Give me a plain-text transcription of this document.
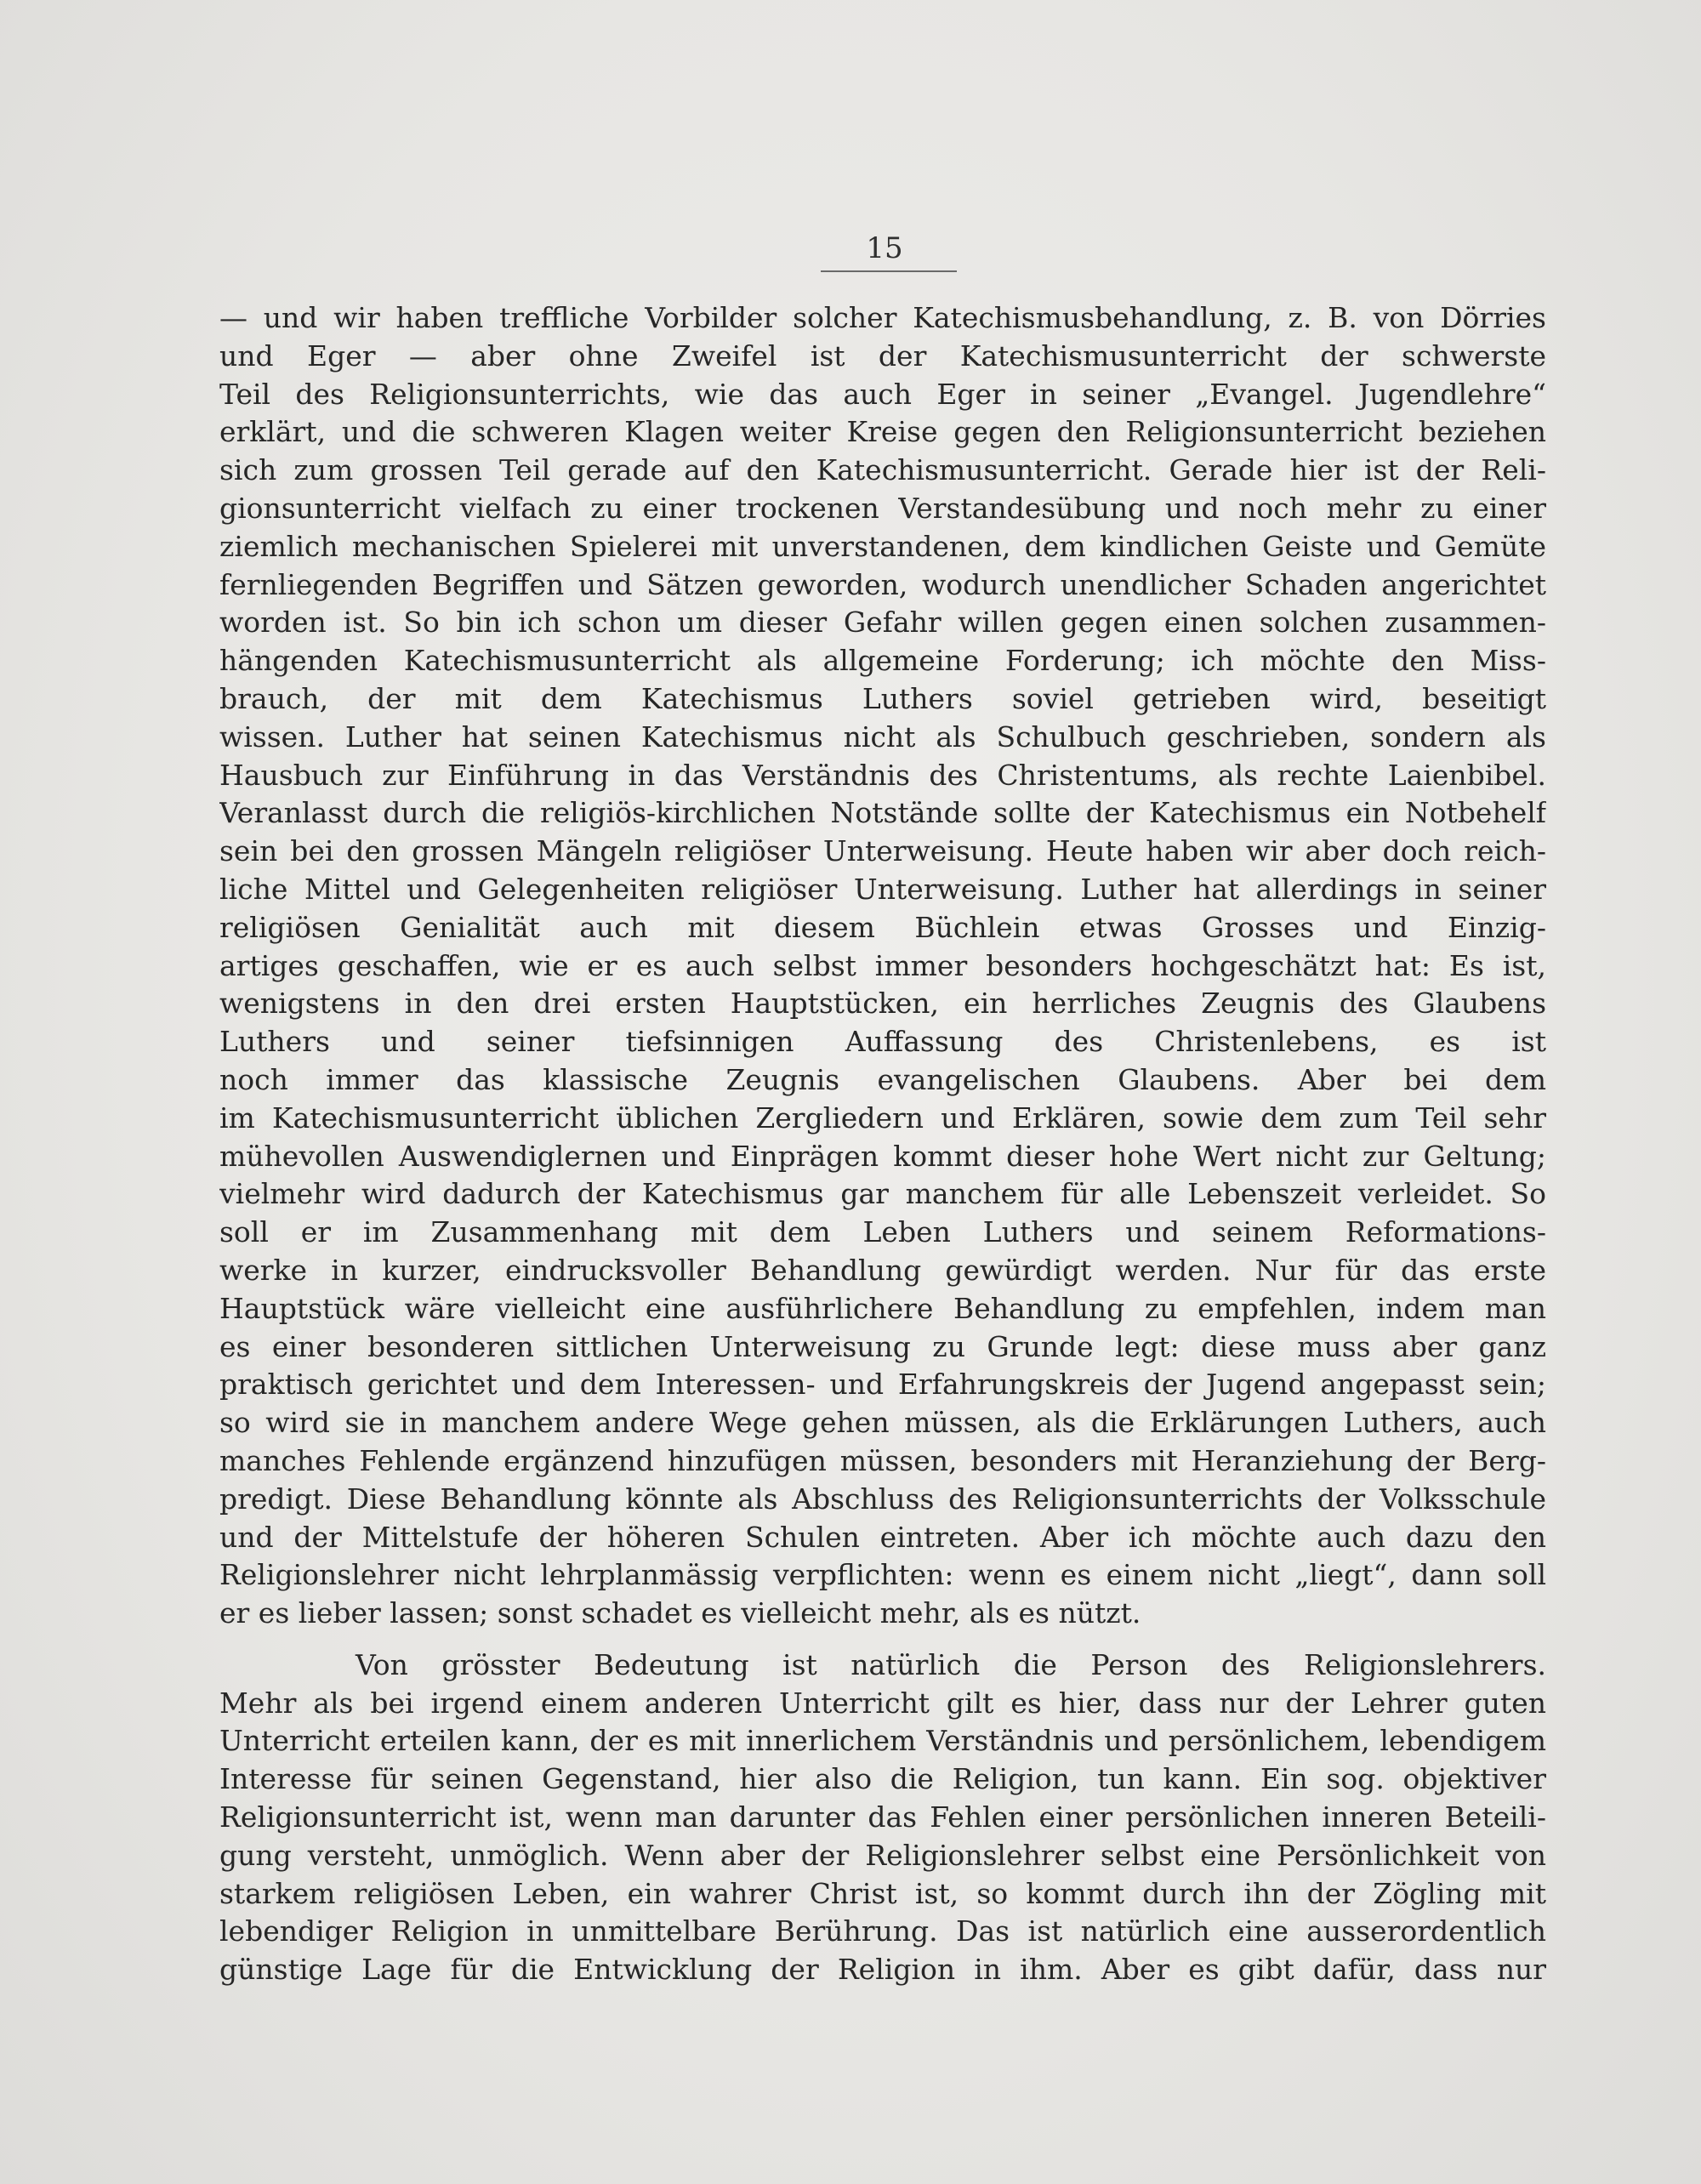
15
— und wir haben treffliche Vorbilder solcher Katechismusbehandlung, z. B. von Dörries
und Eger — aber ohne Zweifel ist der Katechismusunterricht der schwerste
Teil des Religionsunterrichts, wie das auch Eger in seiner „Evangel. Jugendlehre“
erklärt, und die schweren Klagen weiter Kreise gegen den Religionsunterricht beziehen
sich zum grossen Teil gerade auf den Katechismusunterricht. Gerade hier ist der Reli-
gionsunterricht vielfach zu einer trockenen Verstandesübung und noch mehr zu einer
ziemlich mechanischen Spielerei mit unverstandenen, dem kindlichen Geiste und Gemüte
fernliegenden Begriffen und Sätzen geworden, wodurch unendlicher Schaden angerichtet
worden ist. So bin ich schon um dieser Gefahr willen gegen einen solchen zusammen-
hängenden Katechismusunterricht als allgemeine Forderung; ich möchte den Miss-
brauch, der mit dem Katechismus Luthers soviel getrieben wird, beseitigt
wissen. Luther hat seinen Katechismus nicht als Schulbuch geschrieben, sondern als
Hausbuch zur Einführung in das Verständnis des Christentums, als rechte Laienbibel.
Veranlasst durch die religiös-kirchlichen Notstände sollte der Katechismus ein Notbehelf
sein bei den grossen Mängeln religiöser Unterweisung. Heute haben wir aber doch reich-
liche Mittel und Gelegenheiten religiöser Unterweisung. Luther hat allerdings in seiner
religiösen Genialität auch mit diesem Büchlein etwas Grosses und Einzig-
artiges geschaffen, wie er es auch selbst immer besonders hochgeschätzt hat: Es ist,
wenigstens in den drei ersten Hauptstücken, ein herrliches Zeugnis des Glaubens
Luthers und seiner tiefsinnigen Auffassung des Christenlebens, es ist
noch immer das klassische Zeugnis evangelischen Glaubens. Aber bei dem
im Katechismusunterricht üblichen Zergliedern und Erklären, sowie dem zum Teil sehr
mühevollen Auswendiglernen und Einprägen kommt dieser hohe Wert nicht zur Geltung;
vielmehr wird dadurch der Katechismus gar manchem für alle Lebenszeit verleidet. So
soll er im Zusammenhang mit dem Leben Luthers und seinem Reformations-
werke in kurzer, eindrucksvoller Behandlung gewürdigt werden. Nur für das erste
Hauptstück wäre vielleicht eine ausführlichere Behandlung zu empfehlen, indem man
es einer besonderen sittlichen Unterweisung zu Grunde legt: diese muss aber ganz
praktisch gerichtet und dem Interessen- und Erfahrungskreis der Jugend angepasst sein;
so wird sie in manchem andere Wege gehen müssen, als die Erklärungen Luthers, auch
manches Fehlende ergänzend hinzufügen müssen, besonders mit Heranziehung der Berg-
predigt. Diese Behandlung könnte als Abschluss des Religionsunterrichts der Volksschule
und der Mittelstufe der höheren Schulen eintreten. Aber ich möchte auch dazu den
Religionslehrer nicht lehrplanmässig verpflichten: wenn es einem nicht „liegt“, dann soll
er es lieber lassen; sonst schadet es vielleicht mehr, als es nützt.
Von grösster Bedeutung ist natürlich die Person des Religionslehrers.
Mehr als bei irgend einem anderen Unterricht gilt es hier, dass nur der Lehrer guten
Unterricht erteilen kann, der es mit innerlichem Verständnis und persönlichem, lebendigem
Interesse für seinen Gegenstand, hier also die Religion, tun kann. Ein sog. objektiver
Religionsunterricht ist, wenn man darunter das Fehlen einer persönlichen inneren Beteili-
gung versteht, unmöglich. Wenn aber der Religionslehrer selbst eine Persönlichkeit von
starkem religiösen Leben, ein wahrer Christ ist, so kommt durch ihn der Zögling mit
lebendiger Religion in unmittelbare Berührung. Das ist natürlich eine ausserordentlich
günstige Lage für die Entwicklung der Religion in ihm. Aber es gibt dafür, dass nur
